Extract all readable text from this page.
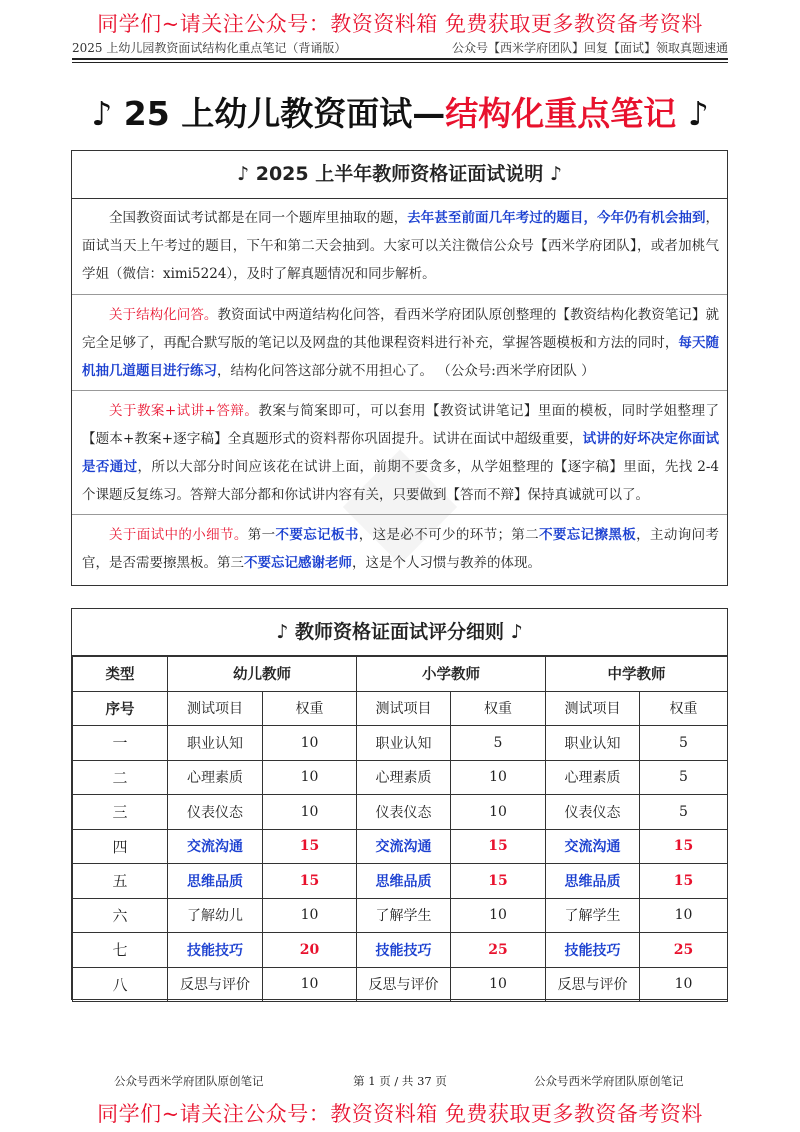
同学们~请关注公众号：教资资料箱 免费获取更多教资备考资料
2025 上幼儿园教资面试结构化重点笔记（背诵版）	公众号【西米学府团队】回复【面试】领取真题速通
♪ 25 上幼儿教资面试—结构化重点笔记 ♪
♪ 2025 上半年教师资格证面试说明 ♪
全国教资面试考试都是在同一个题库里抽取的题，去年甚至前面几年考过的题目，今年仍有机会抽到，面试当天上午考过的题目，下午和第二天会抽到。大家可以关注微信公众号【西米学府团队】，或者加桃气学姐（微信：ximi5224），及时了解真题情况和同步解析。
关于结构化问答。教资面试中两道结构化问答，看西米学府团队原创整理的【教资结构化教资笔记】就完全足够了，再配合默写版的笔记以及网盘的其他课程资料进行补充，掌握答题模板和方法的同时，每天随机抽几道题目进行练习，结构化问答这部分就不用担心了。 （公众号:西米学府团队 ）
关于教案+试讲+答辩。教案与简案即可，可以套用【教资试讲笔记】里面的模板，同时学姐整理了【题本+教案+逐字稿】全真题形式的资料帮你巩固提升。试讲在面试中超级重要，试讲的好坏决定你面试是否通过，所以大部分时间应该花在试讲上面，前期不要贪多，从学姐整理的【逐字稿】里面，先找 2-4 个课题反复练习。答辩大部分都和你试讲内容有关，只要做到【答而不辩】保持真诚就可以了。
关于面试中的小细节。第一不要忘记板书，这是必不可少的环节；第二不要忘记擦黑板，主动询问考官，是否需要擦黑板。第三不要忘记感谢老师，这是个人习惯与教养的体现。
♪ 教师资格证面试评分细则 ♪
类型	幼儿教师		小学教师		中学教师	
序号	测试项目	权重	测试项目	权重	测试项目	权重
一	职业认知	10	职业认知	5	职业认知	5
二	心理素质	10	心理素质	10	心理素质	5
三	仪表仪态	10	仪表仪态	10	仪表仪态	5
四	交流沟通	15	交流沟通	15	交流沟通	15
五	思维品质	15	思维品质	15	思维品质	15
六	了解幼儿	10	了解学生	10	了解学生	10
七	技能技巧	20	技能技巧	25	技能技巧	25
八	反思与评价	10	反思与评价	10	反思与评价	10
公众号西米学府团队原创笔记	第 1 页 / 共 37 页	公众号西米学府团队原创笔记
同学们~请关注公众号：教资资料箱 免费获取更多教资备考资料
